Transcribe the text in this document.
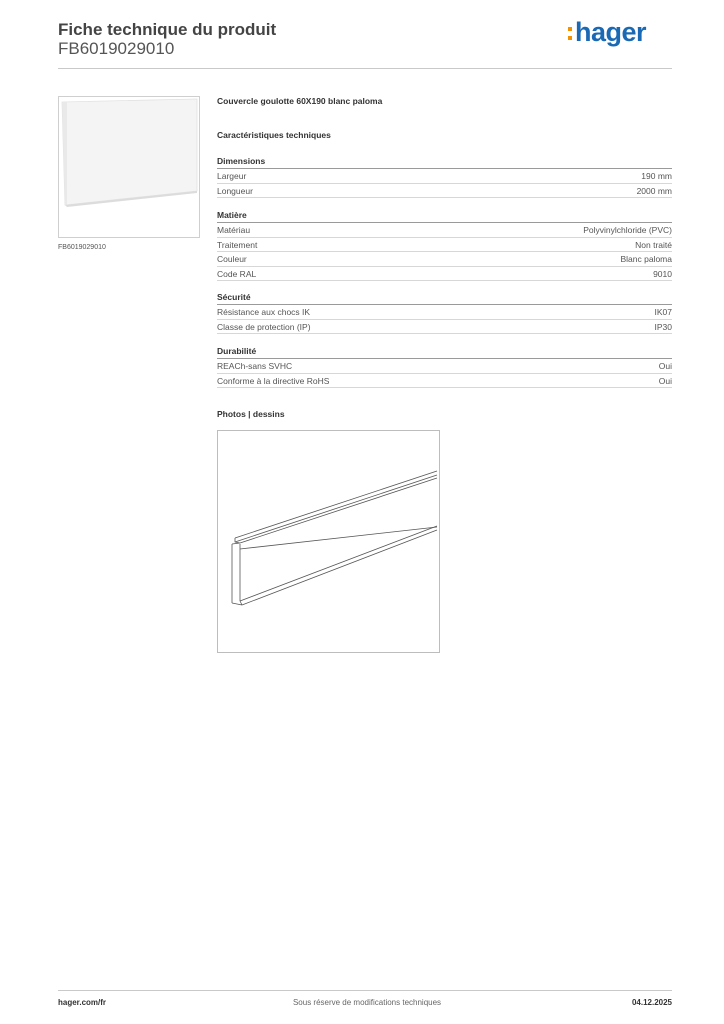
Fiche technique du produit
FB6019029010
hager
FB6019029010
Couvercle goulotte 60X190 blanc paloma
Caractéristiques techniques
Dimensions
Largeur	190 mm
Longueur	2000 mm
Matière
Matériau	Polyvinylchloride (PVC)
Traitement	Non traité
Couleur	Blanc paloma
Code RAL	9010
Sécurité
Résistance aux chocs IK	IK07
Classe de protection (IP)	IP30
Durabilité
REACh-sans SVHC	Oui
Conforme à la directive RoHS	Oui
Photos | dessins
hager.com/fr	Sous réserve de modifications techniques	04.12.2025
